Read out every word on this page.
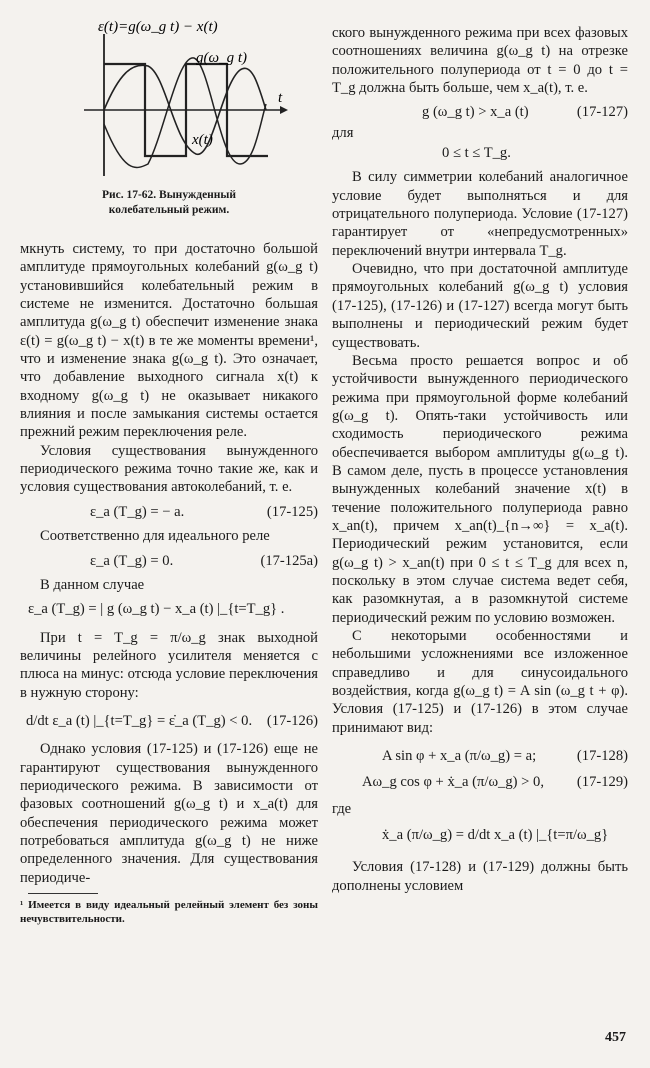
ε(t)=g(ω_g t) − x(t)
g(ω_g t)
t
x(t)
Рис. 17-62. Вынужденный
колебательный режим.

мкнуть систему, то при достаточно большой амплитуде прямоугольных колебаний g(ω_g t) установившийся колебательный режим в системе не изменится. Достаточно большая амплитуда g(ω_g t) обеспечит изменение знака ε(t) = g(ω_g t) − x(t) в те же моменты времени¹, что и изменение знака g(ω_g t). Это означает, что добавление выходного сигнала x(t) к входному g(ω_g t) не оказывает никакого влияния и после замыкания системы остается прежний режим переключения реле.

Условия существования вынужденного периодического режима точно такие же, как и условия существования автоколебаний, т. е.

ε_a (T_g) = − a.	(17-125)

Соответственно для идеального реле

ε_a (T_g) = 0.	(17-125а)

В данном случае

ε_a (T_g) = | g (ω_g t) − x_a (t) |_{t=T_g} .

При t = T_g = π/ω_g знак выходной величины релейного усилителя меняется с плюса на минус: отсюда условие переключения в нужную сторону:

d/dt ε_a (t) |_{t=T_g} = ε̇_a (T_g) < 0. (17-126)

Однако условия (17-125) и (17-126) еще не гарантируют существования вынужденного периодического режима. В зависимости от фазовых соотношений g(ω_g t) и x_a(t) для обеспечения периодического режима может потребоваться амплитуда g(ω_g t) не ниже определенного значения. Для существования периодиче-

¹ Имеется в виду идеальный релейный элемент без зоны нечувствительности.

ского вынужденного режима при всех фазовых соотношениях величина g(ω_g t) на отрезке положительного полупериода от t = 0 до t = T_g должна быть больше, чем x_a(t), т. е.

g (ω_g t) > x_a (t)	(17-127)
для
0 ≤ t ≤ T_g.

В силу симметрии колебаний аналогичное условие будет выполняться и для отрицательного полупериода. Условие (17-127) гарантирует от «непредусмотренных» переключений внутри интервала T_g.

Очевидно, что при достаточной амплитуде прямоугольных колебаний g(ω_g t) условия (17-125), (17-126) и (17-127) всегда могут быть выполнены и периодический режим будет существовать.

Весьма просто решается вопрос и об устойчивости вынужденного периодического режима при прямоугольной форме колебаний g(ω_g t). Опять-таки устойчивость или сходимость периодического режима обеспечивается выбором амплитуды g(ω_g t). В самом деле, пусть в процессе установления вынужденных колебаний значение x(t) в течение положительного полупериода равно x_an(t), причем x_an(t)_{n→∞} = x_a(t). Периодический режим установится, если g(ω_g t) > x_an(t) при 0 ≤ t ≤ T_g для всех n, поскольку в этом случае система ведет себя, как разомкнутая, а в разомкнутой системе периодический режим по условию возможен.

С некоторыми особенностями и небольшими усложнениями все изложенное справедливо и для синусоидального воздействия, когда g(ω_g t) = A sin (ω_g t + φ). Условия (17-125) и (17-126) в этом случае принимают вид:

A sin φ + x_a (π/ω_g) = a;	(17-128)
Aω_g cos φ + ẋ_a (π/ω_g) > 0, (17-129)
где
ẋ_a (π/ω_g) = d/dt x_a (t) |_{t=π/ω_g}

Условия (17-128) и (17-129) должны быть дополнены условием

457
